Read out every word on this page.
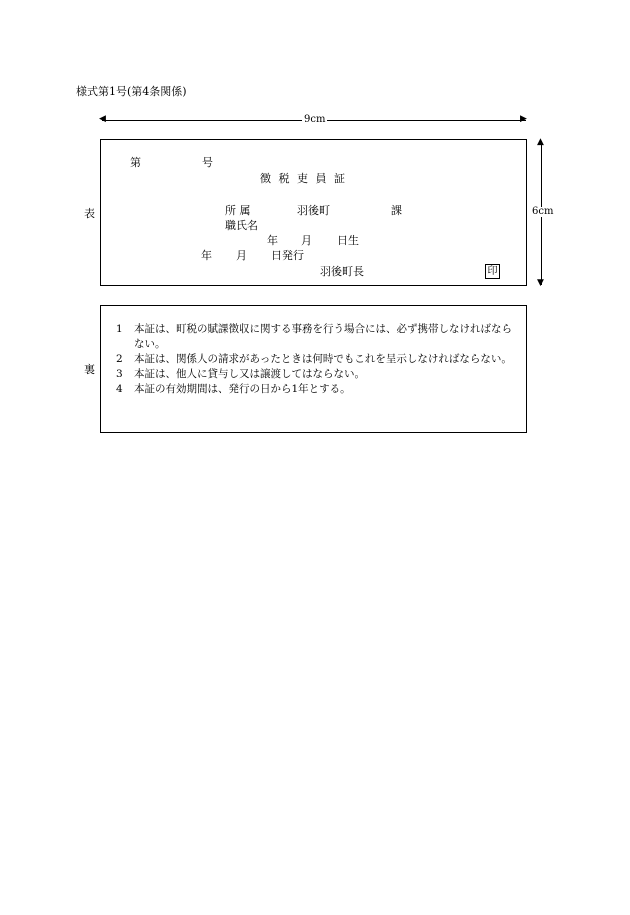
様式第1号(第4条関係)
◀	▶
9cm
表
第	号
徴 税 吏 員 証
所 属	羽後町	課
職氏名
年 月 日生
年 月 日発行
羽後町長	印
▲
▼
6cm
裏
1	本証は、町税の賦課徴収に関する事務を行う場合には、必ず携帯しなければならない。
2	本証は、関係人の請求があったときは何時でもこれを呈示しなければならない。
3	本証は、他人に貸与し又は譲渡してはならない。
4	本証の有効期間は、発行の日から1年とする。
